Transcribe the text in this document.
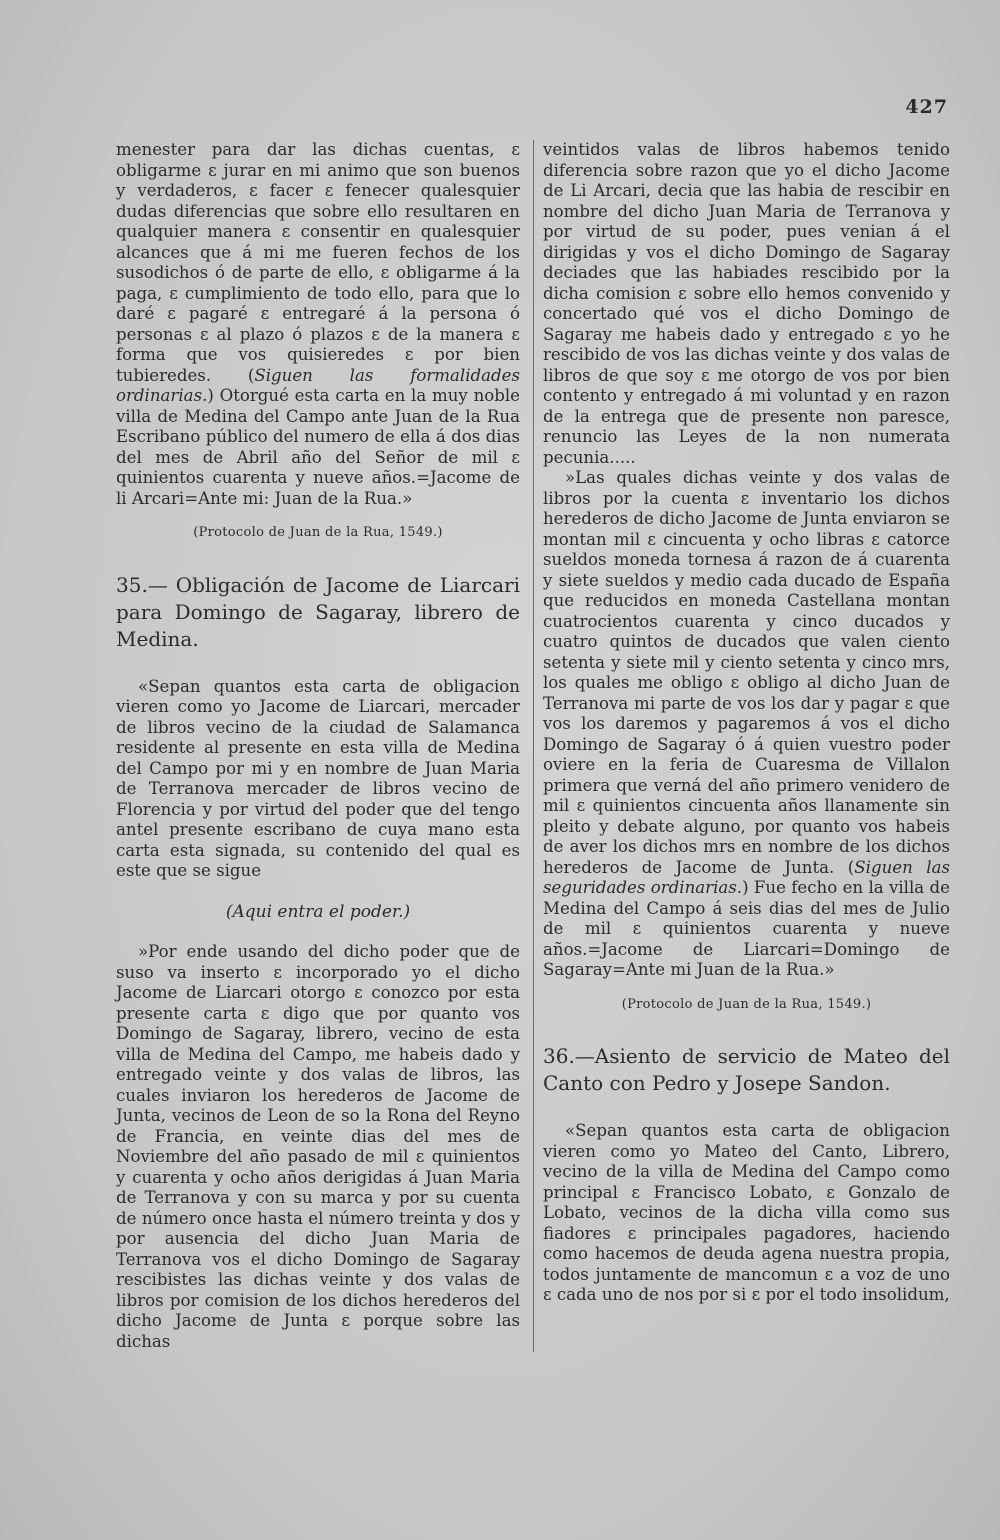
427

menester para dar las dichas cuentas, ɛ obligarme ɛ jurar en mi animo que son buenos y verdaderos, ɛ facer ɛ fenecer qualesquier dudas diferencias que sobre ello resultaren en qualquier manera ɛ consentir en qualesquier alcances que á mi me fueren fechos de los susodichos ó de parte de ello, ɛ obligarme á la paga, ɛ cumplimiento de todo ello, para que lo daré ɛ pagaré ɛ entregaré á la persona ó personas ɛ al plazo ó plazos ɛ de la manera ɛ forma que vos quisieredes ɛ por bien tubieredes. (Siguen las formalidades ordinarias.) Otorgué esta carta en la muy noble villa de Medina del Campo ante Juan de la Rua Escribano público del numero de ella á dos dias del mes de Abril año del Señor de mil ɛ quinientos cuarenta y nueve años.=Jacome de li Arcari=Ante mi: Juan de la Rua.»

(Protocolo de Juan de la Rua, 1549.)

35.— Obligación de Jacome de Liarcari para Domingo de Sagaray, librero de Medina.

«Sepan quantos esta carta de obligacion vieren como yo Jacome de Liarcari, mercader de libros vecino de la ciudad de Salamanca residente al presente en esta villa de Medina del Campo por mi y en nombre de Juan Maria de Terranova mercader de libros vecino de Florencia y por virtud del poder que del tengo antel presente escribano de cuya mano esta carta esta signada, su contenido del qual es este que se sigue

(Aqui entra el poder.)

»Por ende usando del dicho poder que de suso va inserto ɛ incorporado yo el dicho Jacome de Liarcari otorgo ɛ conozco por esta presente carta ɛ digo que por quanto vos Domingo de Sagaray, librero, vecino de esta villa de Medina del Campo, me habeis dado y entregado veinte y dos valas de libros, las cuales inviaron los herederos de Jacome de Junta, vecinos de Leon de so la Rona del Reyno de Francia, en veinte dias del mes de Noviembre del año pasado de mil ɛ quinientos y cuarenta y ocho años derigidas á Juan Maria de Terranova y con su marca y por su cuenta de número once hasta el número treinta y dos y por ausencia del dicho Juan Maria de Terranova vos el dicho Domingo de Sagaray rescibistes las dichas veinte y dos valas de libros por comision de los dichos herederos del dicho Jacome de Junta ɛ porque sobre las dichas

veintidos valas de libros habemos tenido diferencia sobre razon que yo el dicho Jacome de Li Arcari, decia que las habia de rescibir en nombre del dicho Juan Maria de Terranova y por virtud de su poder, pues venian á el dirigidas y vos el dicho Domingo de Sagaray deciades que las habiades rescibido por la dicha comision ɛ sobre ello hemos convenido y concertado qué vos el dicho Domingo de Sagaray me habeis dado y entregado ɛ yo he rescibido de vos las dichas veinte y dos valas de libros de que soy ɛ me otorgo de vos por bien contento y entregado á mi voluntad y en razon de la entrega que de presente non paresce, renuncio las Leyes de la non numerata pecunia.....

»Las quales dichas veinte y dos valas de libros por la cuenta ɛ inventario los dichos herederos de dicho Jacome de Junta enviaron se montan mil ɛ cincuenta y ocho libras ɛ catorce sueldos moneda tornesa á razon de á cuarenta y siete sueldos y medio cada ducado de España que reducidos en moneda Castellana montan cuatrocientos cuarenta y cinco ducados y cuatro quintos de ducados que valen ciento setenta y siete mil y ciento setenta y cinco mrs, los quales me obligo ɛ obligo al dicho Juan de Terranova mi parte de vos los dar y pagar ɛ que vos los daremos y pagaremos á vos el dicho Domingo de Sagaray ó á quien vuestro poder oviere en la feria de Cuaresma de Villalon primera que verná del año primero venidero de mil ɛ quinientos cincuenta años llanamente sin pleito y debate alguno, por quanto vos habeis de aver los dichos mrs en nombre de los dichos herederos de Jacome de Junta. (Siguen las seguridades ordinarias.) Fue fecho en la villa de Medina del Campo á seis dias del mes de Julio de mil ɛ quinientos cuarenta y nueve años.=Jacome de Liarcari=Domingo de Sagaray=Ante mi Juan de la Rua.»

(Protocolo de Juan de la Rua, 1549.)

36.—Asiento de servicio de Mateo del Canto con Pedro y Josepe Sandon.

«Sepan quantos esta carta de obligacion vieren como yo Mateo del Canto, Librero, vecino de la villa de Medina del Campo como principal ɛ Francisco Lobato, ɛ Gonzalo de Lobato, vecinos de la dicha villa como sus fiadores ɛ principales pagadores, haciendo como hacemos de deuda agena nuestra propia, todos juntamente de mancomun ɛ a voz de uno ɛ cada uno de nos por si ɛ por el todo insolidum,
